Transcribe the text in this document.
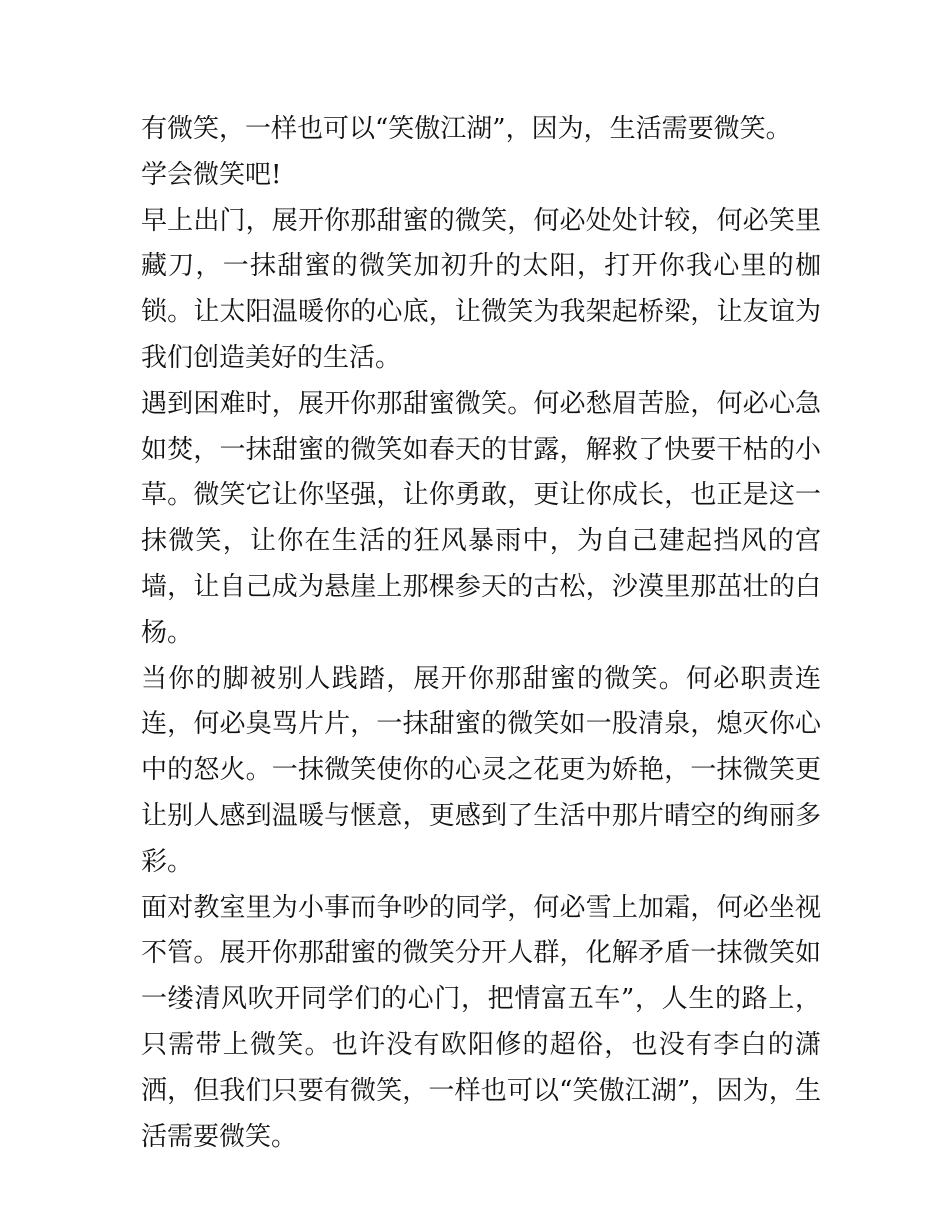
有微笑，一样也可以“笑傲江湖”，因为，生活需要微笑。

学会微笑吧!

早上出门，展开你那甜蜜的微笑，何必处处计较，何必笑里藏刀，一抹甜蜜的微笑加初升的太阳，打开你我心里的枷锁。让太阳温暖你的心底，让微笑为我架起桥梁，让友谊为我们创造美好的生活。

遇到困难时，展开你那甜蜜微笑。何必愁眉苦脸，何必心急如焚，一抹甜蜜的微笑如春天的甘露，解救了快要干枯的小草。微笑它让你坚强，让你勇敢，更让你成长，也正是这一抹微笑，让你在生活的狂风暴雨中，为自己建起挡风的宫墙，让自己成为悬崖上那棵参天的古松，沙漠里那茁壮的白杨。

当你的脚被别人践踏，展开你那甜蜜的微笑。何必职责连连，何必臭骂片片，一抹甜蜜的微笑如一股清泉，熄灭你心中的怒火。一抹微笑使你的心灵之花更为娇艳，一抹微笑更让别人感到温暖与惬意，更感到了生活中那片晴空的绚丽多彩。

面对教室里为小事而争吵的同学，何必雪上加霜，何必坐视不管。展开你那甜蜜的微笑分开人群，化解矛盾一抹微笑如一缕清风吹开同学们的心门，把情富五车”，人生的路上，只需带上微笑。也许没有欧阳修的超俗，也没有李白的潇洒，但我们只要有微笑，一样也可以“笑傲江湖”，因为，生活需要微笑。
